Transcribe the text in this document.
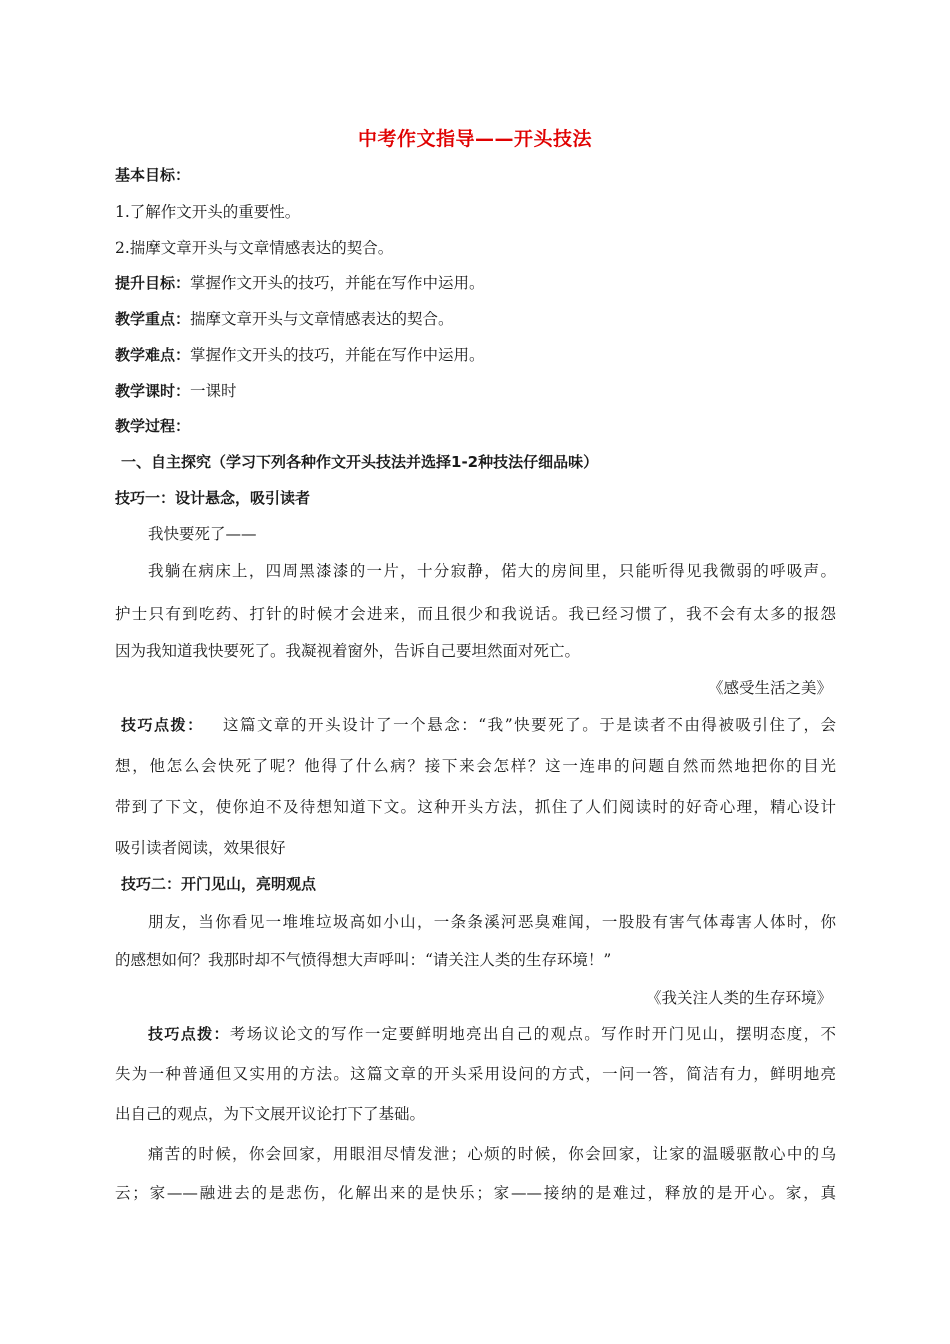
中考作文指导——开头技法
基本目标：
1.了解作文开头的重要性。
2.揣摩文章开头与文章情感表达的契合。
提升目标：掌握作文开头的技巧，并能在写作中运用。
教学重点：揣摩文章开头与文章情感表达的契合。
教学难点：掌握作文开头的技巧，并能在写作中运用。
教学课时：一课时
教学过程：
一、自主探究（学习下列各种作文开头技法并选择1-2种技法仔细品味）
技巧一：设计悬念，吸引读者
我快要死了——
我躺在病床上，四周黑漆漆的一片，十分寂静，偌大的房间里，只能听得见我微弱的呼吸声。
护士只有到吃药、打针的时候才会进来，而且很少和我说话。我已经习惯了，我不会有太多的报怨
因为我知道我快要死了。我凝视着窗外，告诉自己要坦然面对死亡。
《感受生活之美》
技巧点拨： 这篇文章的开头设计了一个悬念：“我”快要死了。于是读者不由得被吸引住了，会
想，他怎么会快死了呢？他得了什么病？接下来会怎样？这一连串的问题自然而然地把你的目光
带到了下文，使你迫不及待想知道下文。这种开头方法，抓住了人们阅读时的好奇心理，精心设计
吸引读者阅读，效果很好
技巧二：开门见山，亮明观点
朋友，当你看见一堆堆垃圾高如小山，一条条溪河恶臭难闻，一股股有害气体毒害人体时，你
的感想如何？我那时却不气愤得想大声呼叫：“请关注人类的生存环境！”
《我关注人类的生存环境》
技巧点拨：考场议论文的写作一定要鲜明地亮出自己的观点。写作时开门见山，摆明态度，不
失为一种普通但又实用的方法。这篇文章的开头采用设问的方式，一问一答，简洁有力，鲜明地亮
出自己的观点，为下文展开议论打下了基础。
痛苦的时候，你会回家，用眼泪尽情发泄；心烦的时候，你会回家，让家的温暖驱散心中的乌
云；家——融进去的是悲伤，化解出来的是快乐；家——接纳的是难过，释放的是开心。家，真
